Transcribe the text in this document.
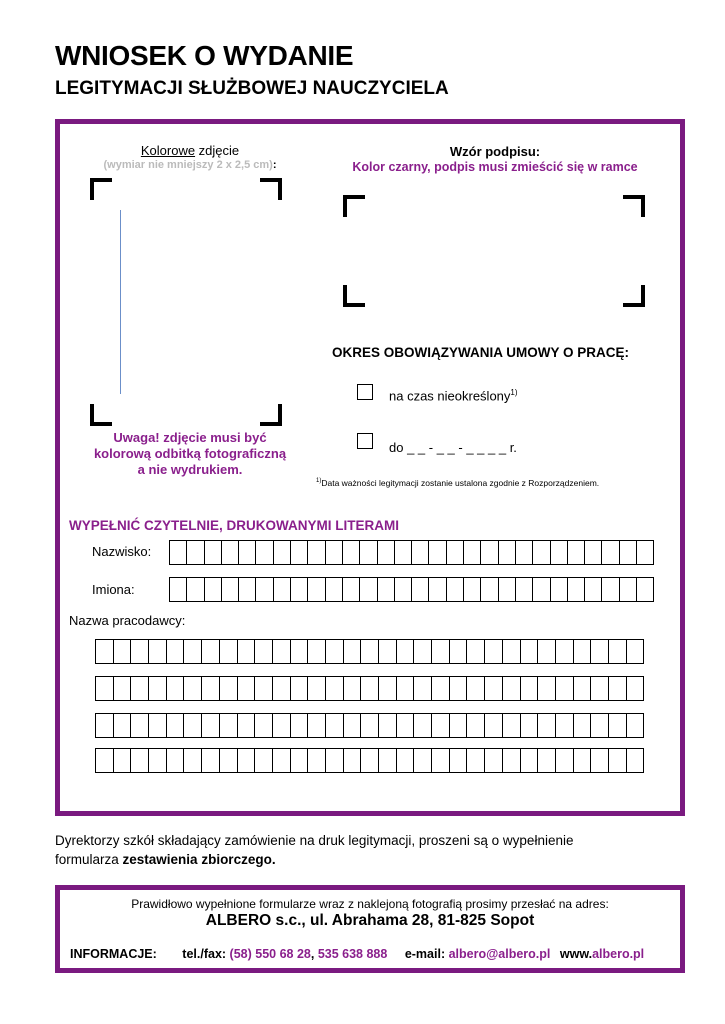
WNIOSEK O WYDANIE
LEGITYMACJI SŁUŻBOWEJ NAUCZYCIELA
Kolorowe zdjęcie
(wymiar nie mniejszy 2 x 2,5 cm):
Uwaga! zdjęcie musi być
kolorową odbitką fotograficzną
a nie wydrukiem.
Wzór podpisu:
Kolor czarny, podpis musi zmieścić się w ramce
OKRES OBOWIĄZYWANIA UMOWY O PRACĘ:
na czas nieokreślony$^{1)}$
do _ _ - _ _ - _ _ _ _ r.
$^{1)}$Data ważności legitymacji zostanie ustalona zgodnie z Rozporządzeniem.
WYPEŁNIĆ CZYTELNIE, DRUKOWANYMI LITERAMI
Nazwisko:
Imiona:
Nazwa pracodawcy:
Dyrektorzy szkół składający zamówienie na druk legitymacji, proszeni są o wypełnienie
formularza zestawienia zbiorczego.
Prawidłowo wypełnione formularze wraz z naklejoną fotografią prosimy przesłać na adres:
ALBERO s.c., ul. Abrahama 28, 81-825 Sopot
INFORMACJE: tel./fax: (58) 550 68 28, 535 638 888 e-mail: albero@albero.pl www.albero.pl
